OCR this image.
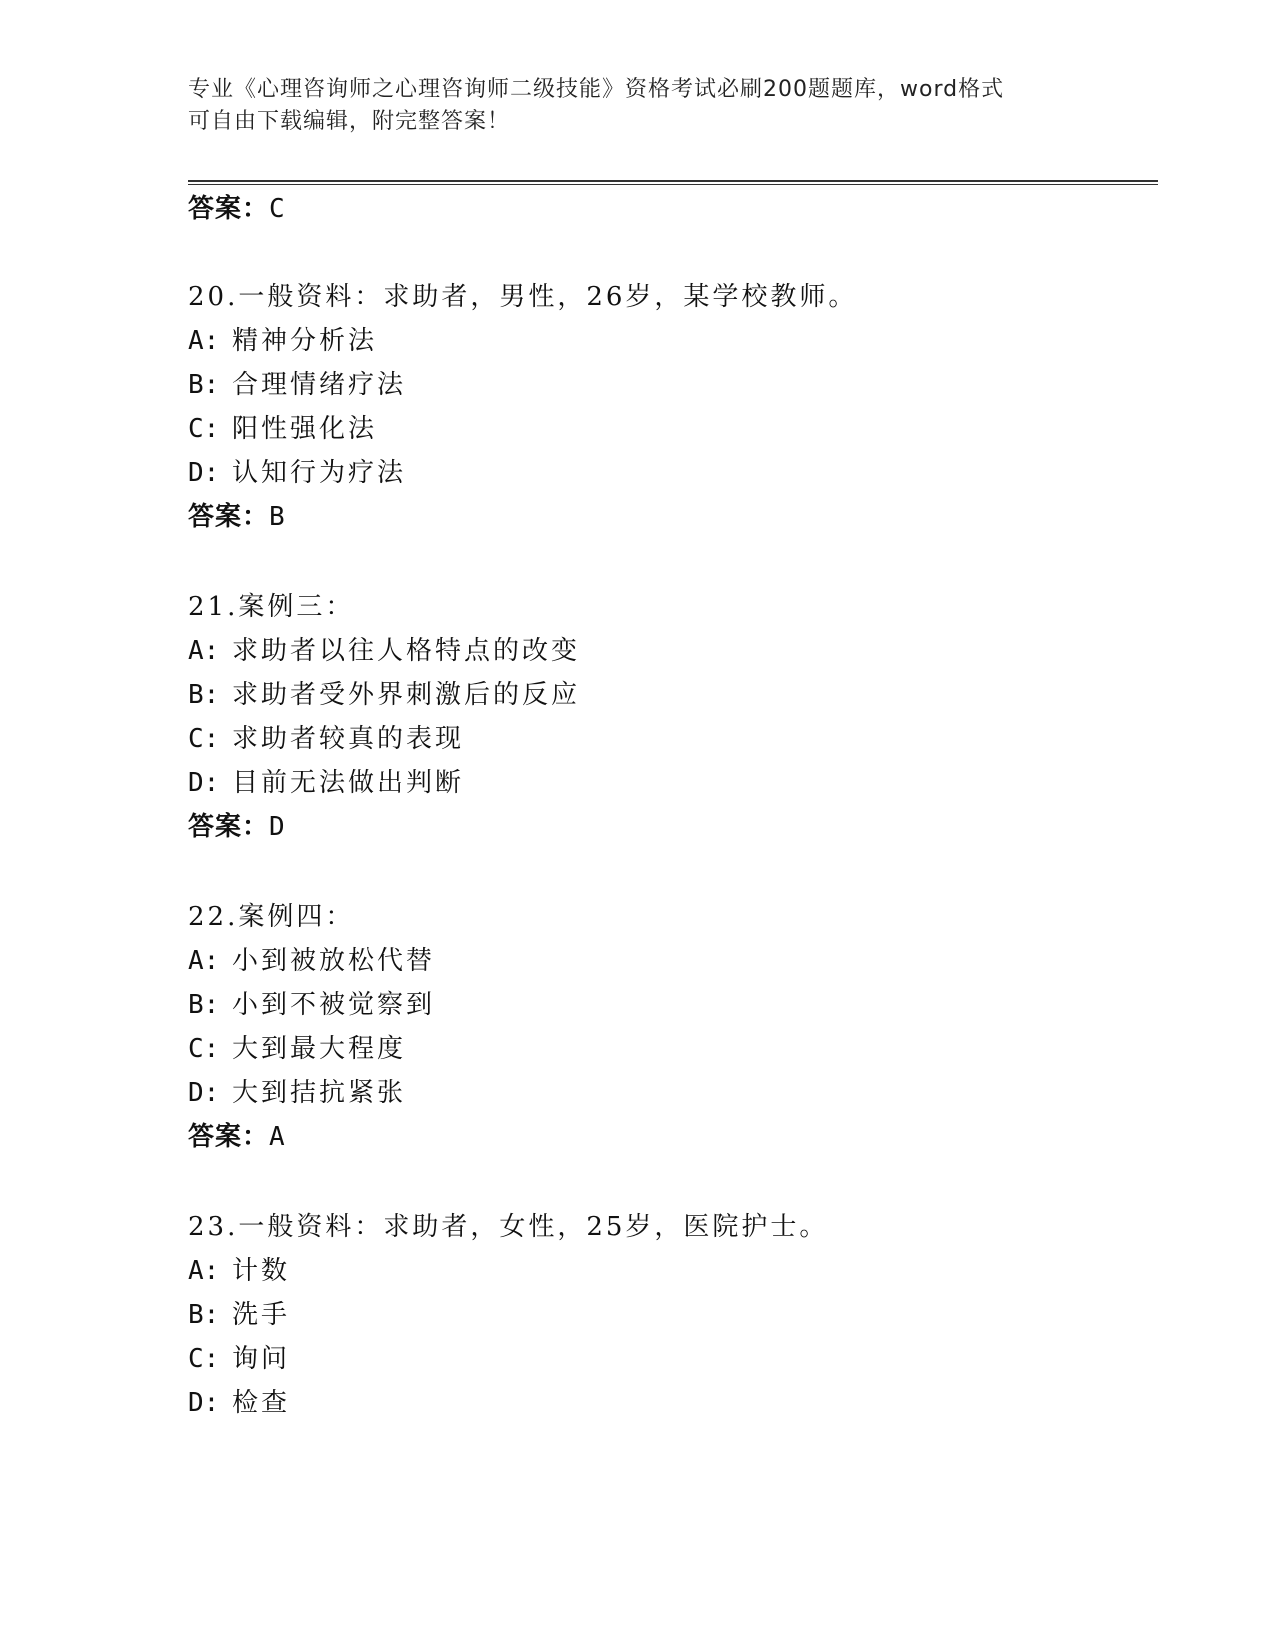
专业《心理咨询师之心理咨询师二级技能》资格考试必刷200题题库，word格式
可自由下载编辑，附完整答案！
答案：C
20.一般资料：求助者，男性，26岁，某学校教师。
A: 精神分析法
B: 合理情绪疗法
C: 阳性强化法
D: 认知行为疗法
答案：B
21.案例三：
A: 求助者以往人格特点的改变
B: 求助者受外界刺激后的反应
C: 求助者较真的表现
D: 目前无法做出判断
答案：D
22.案例四：
A: 小到被放松代替
B: 小到不被觉察到
C: 大到最大程度
D: 大到拮抗紧张
答案：A
23.一般资料：求助者，女性，25岁，医院护士。
A: 计数
B: 洗手
C: 询问
D: 检查
